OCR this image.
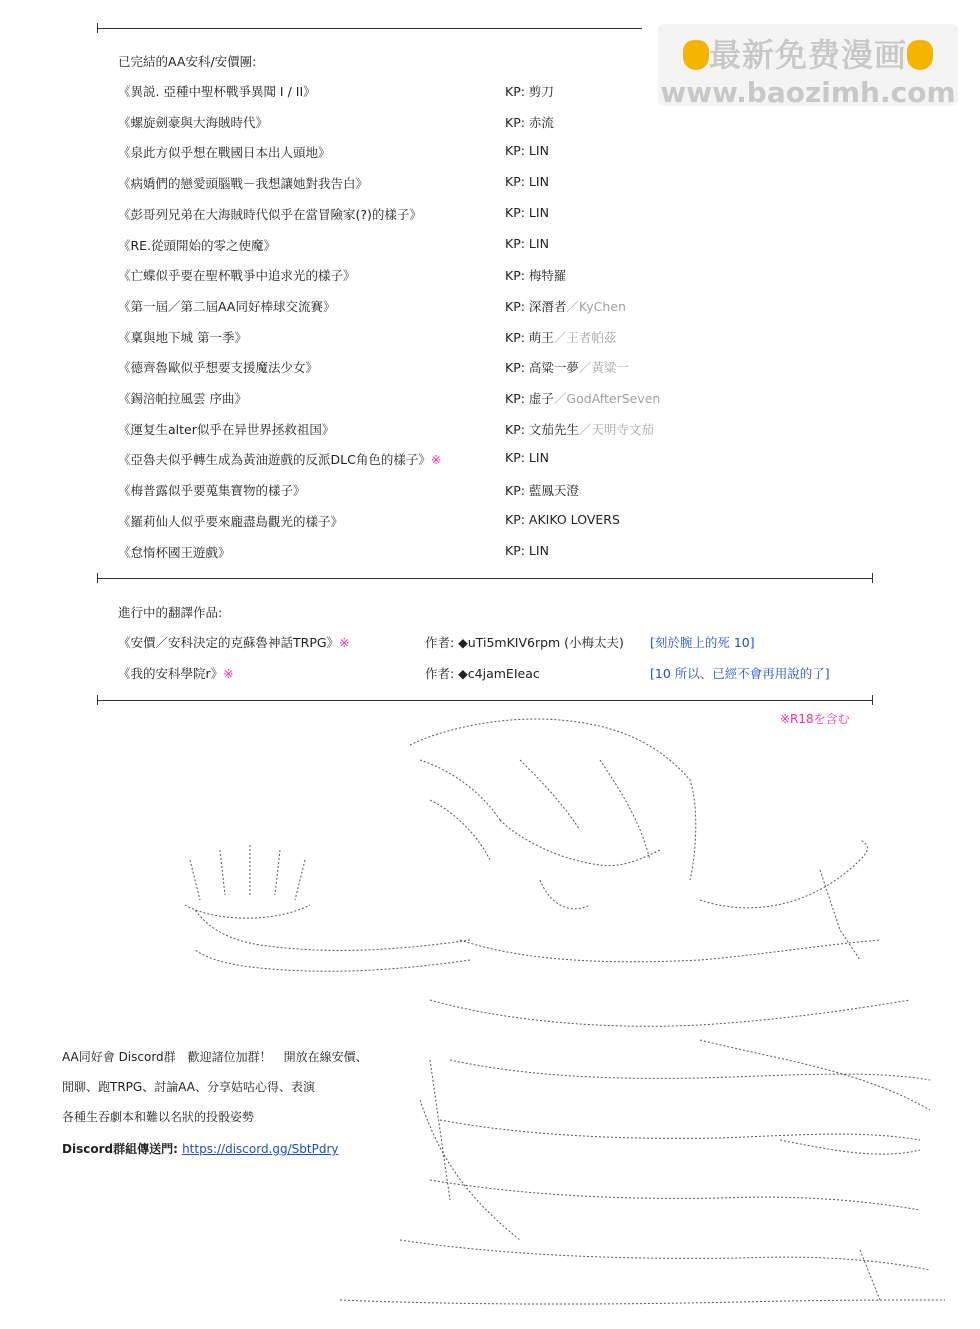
最新免费漫画
www.baozimh.com
已完結的AA安科/安價團:
《異説. 亞種中聖杯戰爭異聞 I / II》	KP: 剪刀
《螺旋劍豪與大海賊時代》	KP: 赤流
《泉此方似乎想在戰國日本出人頭地》	KP: LIN
《病嬌們的戀愛頭腦戰－我想讓她對我告白》	KP: LIN
《彭哥列兄弟在大海賊時代似乎在當冒險家(?)的樣子》	KP: LIN
《RE.從頭開始的零之使魔》	KP: LIN
《亡蝶似乎要在聖杯戰爭中追求光的樣子》	KP: 梅特羅
《第一屆／第二屆AA同好棒球交流賽》	KP: 深潛者／KyChen
《稟與地下城 第一季》	KP: 萌王／王者帕茲
《德齊魯歐似乎想要支援魔法少女》	KP: 高粱一夢／黃粱一
《錫涪帕拉風雲 序曲》	KP: 虚子／GodAfterSeven
《運复生alter似乎在异世界拯救祖国》	KP: 文茄先生／天明寺文茄
《亞魯夫似乎轉生成為黃油遊戲的反派DLC角色的樣子》※	KP: LIN
《梅普露似乎要蒐集寶物的樣子》	KP: 藍鳳天澄
《羅莉仙人似乎要來龐盡島觀光的樣子》	KP: AKIKO LOVERS
《怠惰杯國王遊戲》	KP: LIN
進行中的翻譯作品:
《安價／安科決定的克蘇魯神話TRPG》※	作者: ◆uTi5mKIV6rpm (小梅太夫) [刻於腕上的死 10]
《我的安科學院r》※	作者: ◆c4jamEIeac	[10 所以、已經不會再用說的了]
※R18を含む
AA同好會 Discord群　歡迎諸位加群！　開放在線安價、
閒聊、跑TRPG、討論AA、分享姑咕心得、表演
各種生吞劇本和難以名狀的投骰姿勢
Discord群組傳送門: https://discord.gg/SbtPdry
